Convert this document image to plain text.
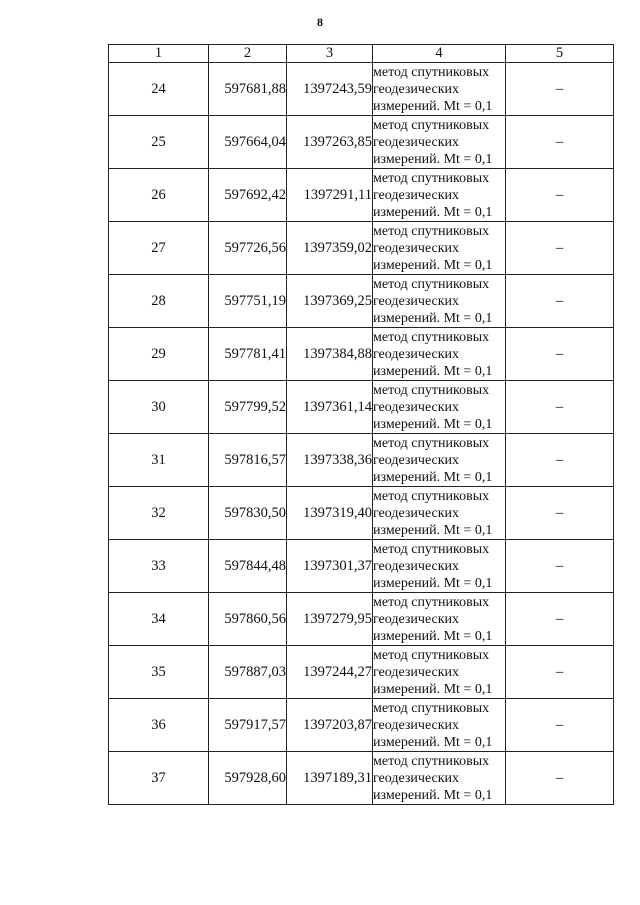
8
1	2	3	4	5
24	597681,88	1397243,59	метод спутниковых
геодезических
измерений. Mt = 0,1	–
25	597664,04	1397263,85	метод спутниковых
геодезических
измерений. Mt = 0,1	–
26	597692,42	1397291,11	метод спутниковых
геодезических
измерений. Mt = 0,1	–
27	597726,56	1397359,02	метод спутниковых
геодезических
измерений. Mt = 0,1	–
28	597751,19	1397369,25	метод спутниковых
геодезических
измерений. Mt = 0,1	–
29	597781,41	1397384,88	метод спутниковых
геодезических
измерений. Mt = 0,1	–
30	597799,52	1397361,14	метод спутниковых
геодезических
измерений. Mt = 0,1	–
31	597816,57	1397338,36	метод спутниковых
геодезических
измерений. Mt = 0,1	–
32	597830,50	1397319,40	метод спутниковых
геодезических
измерений. Mt = 0,1	–
33	597844,48	1397301,37	метод спутниковых
геодезических
измерений. Mt = 0,1	–
34	597860,56	1397279,95	метод спутниковых
геодезических
измерений. Mt = 0,1	–
35	597887,03	1397244,27	метод спутниковых
геодезических
измерений. Mt = 0,1	–
36	597917,57	1397203,87	метод спутниковых
геодезических
измерений. Mt = 0,1	–
37	597928,60	1397189,31	метод спутниковых
геодезических
измерений. Mt = 0,1	–
